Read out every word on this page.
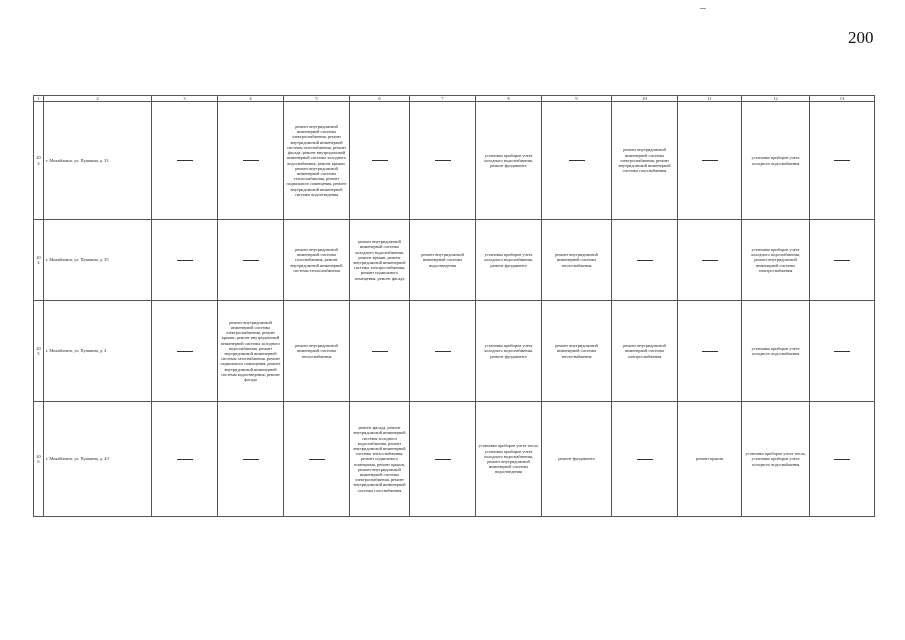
200
1	2	3	4	5	6	7	8	9	10	11	12	13
203	г. Михайловск, ул. Пушкина, д. 33			ремонт внутридомовой инженерной системы электроснабжения, ремонт внутридомовой инженерной системы газоснабжения, ремонт фасада, ремонт внутридомовой инженерной системы холодного водоснабжения, ремонт крыши, ремонт внутридомовой инженерной системы теплоснабжения, ремонт подвального помещения, ремонт внутридомовой инженерной системы водоотведения			установка приборов учета холодного водоснабжения, ремонт фундамента		ремонт внутридомовой инженерной системы электроснабжения, ремонт внутридомовой инженерной системы газоснабжения		установка приборов учета холодного водоснабжения	
204	г. Михайловск, ул. Пушкина, д. 35			ремонт внутридомовой инженерной системы газоснабжения, ремонт внутридомовой инженерной системы теплоснабжения	ремонт внутридомовой инженерной системы холодного водоснабжения, ремонт крыши, ремонт внутридомовой инженерной системы электроснабжения, ремонт подвального помещения, ремонт фасада	ремонт внутридомовой инженерной системы водоотведения	установка приборов учета холодного водоснабжения, ремонт фундамента	ремонт внутридомовой инженерной системы теплоснабжения			установка приборов учета холодного водоснабжения, ремонт внутридомовой инженерной системы электроснабжения	
205	г. Михайловск, ул. Пушкина, д. 4		ремонт внутридомовой инженерной системы электроснабжения, ремонт крыши, ремонт внутридомовой инженерной системы холодного водоснабжения, ремонт внутридомовой инженерной системы газоснабжения, ремонт подвального помещения, ремонт внутридомовой инженерной системы водоотведения, ремонт фасада	ремонт внутридомовой инженерной системы теплоснабжения			установка приборов учета холодного водоснабжения, ремонт фундамента	ремонт внутридомовой инженерной системы теплоснабжения	ремонт внутридомовой инженерной системы электроснабжения		установка приборов учета холодного водоснабжения	
206	г. Михайловск, ул. Пушкина, д. 4/1				ремонт фасада, ремонт внутридомовой инженерной системы холодного водоснабжения, ремонт внутридомовой инженерной системы теплоснабжения, ремонт подвального помещения, ремонт крыши, ремонт внутридомовой инженерной системы электроснабжения, ремонт внутридомовой инженерной системы газоснабжения		установка приборов учета тепла, установка приборов учета холодного водоснабжения, ремонт внутридомовой инженерной системы водоотведения	ремонт фундамента		ремонт крыши	установка приборов учета тепла, установка приборов учета холодного водоснабжения	
